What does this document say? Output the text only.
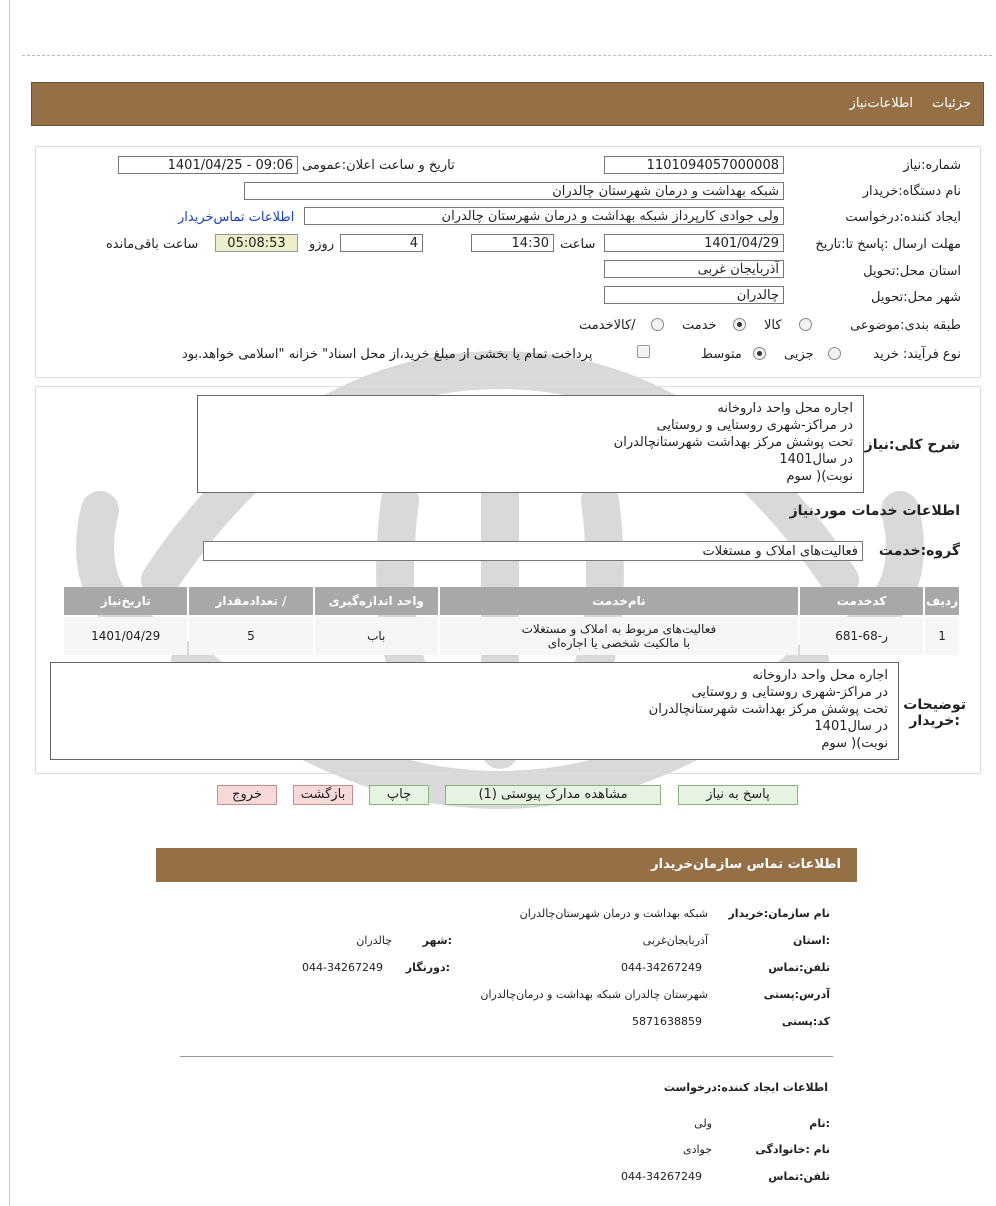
جزئیات
اطلاعات‌نیاز
شماره:نیاز
1101094057000008
تاریخ و ساعت اعلان:عمومی
1401/04/25 - 09:06
نام دستگاه:خریدار
شبکه بهداشت و درمان شهرستان چالدران
ایجاد کننده:درخواست
ولی جوادی کارپرداز شبکه بهداشت و درمان شهرستان چالدران
اطلاعات تماس‌خریدار
مهلت ارسال :پاسخ تا:تاریخ
1401/04/29
ساعت
14:30
روزو	4
05:08:53
ساعت باقی‌مانده
استان محل:تحویل
آذربایجان غربی
شهر محل:تحویل
چالدران
طبقه بندی:موضوعی
کالا
خدمت
/کالاخدمت
نوع فرآیند: خرید
جزیی
متوسط
پرداخت تمام یا بخشی از مبلغ خرید،از محل اسناد" خزانه "اسلامی خواهد.بود
شرح کلی:نیاز
اجاره محل واحد داروخانه
در مراکز-شهری روستایی و روستایی
تحت پوشش مرکز بهداشت شهرستانچالدران
در سال1401
نوبت)( سوم
اطلاعات خدمات موردنیاز
گروه:خدمت
فعالیت‌های املاک و مستغلات
ردیف	کدخدمت	نام‌خدمت	واحد اندازه‌گیری	/ تعدادمقدار	تاریخ‌نیاز
1	ر-68-681	فعالیت‌های مربوط به املاک و مستغلات
با مالکیت شخصی یا اجاره‌ای	باب	5	1401/04/29
توضیحات
:خریدار
اجاره محل واحد داروخانه
در مراکز-شهری روستایی و روستایی
تحت پوشش مرکز بهداشت شهرستانچالدران
در سال1401
نوبت)( سوم
پاسخ به نیاز
مشاهده مدارک پیوستی (1)
چاپ
بازگشت
خروج
اطلاعات تماس سازمان‌خریدار
نام سازمان:خریدار
شبکه بهداشت و درمان شهرستان‌چالدران
:استان
آذربایجان‌غربی
:شهر
چالدران
تلفن:تماس
044-34267249
:دورنگار
044-34267249
آدرس:پستی
شهرستان چالدران شبکه بهداشت و درمان‌چالدران
کد:پستی
5871638859
اطلاعات ایجاد کننده:درخواست
:نام
ولی
نام :خانوادگی
جوادی
تلفن:تماس
044-34267249
